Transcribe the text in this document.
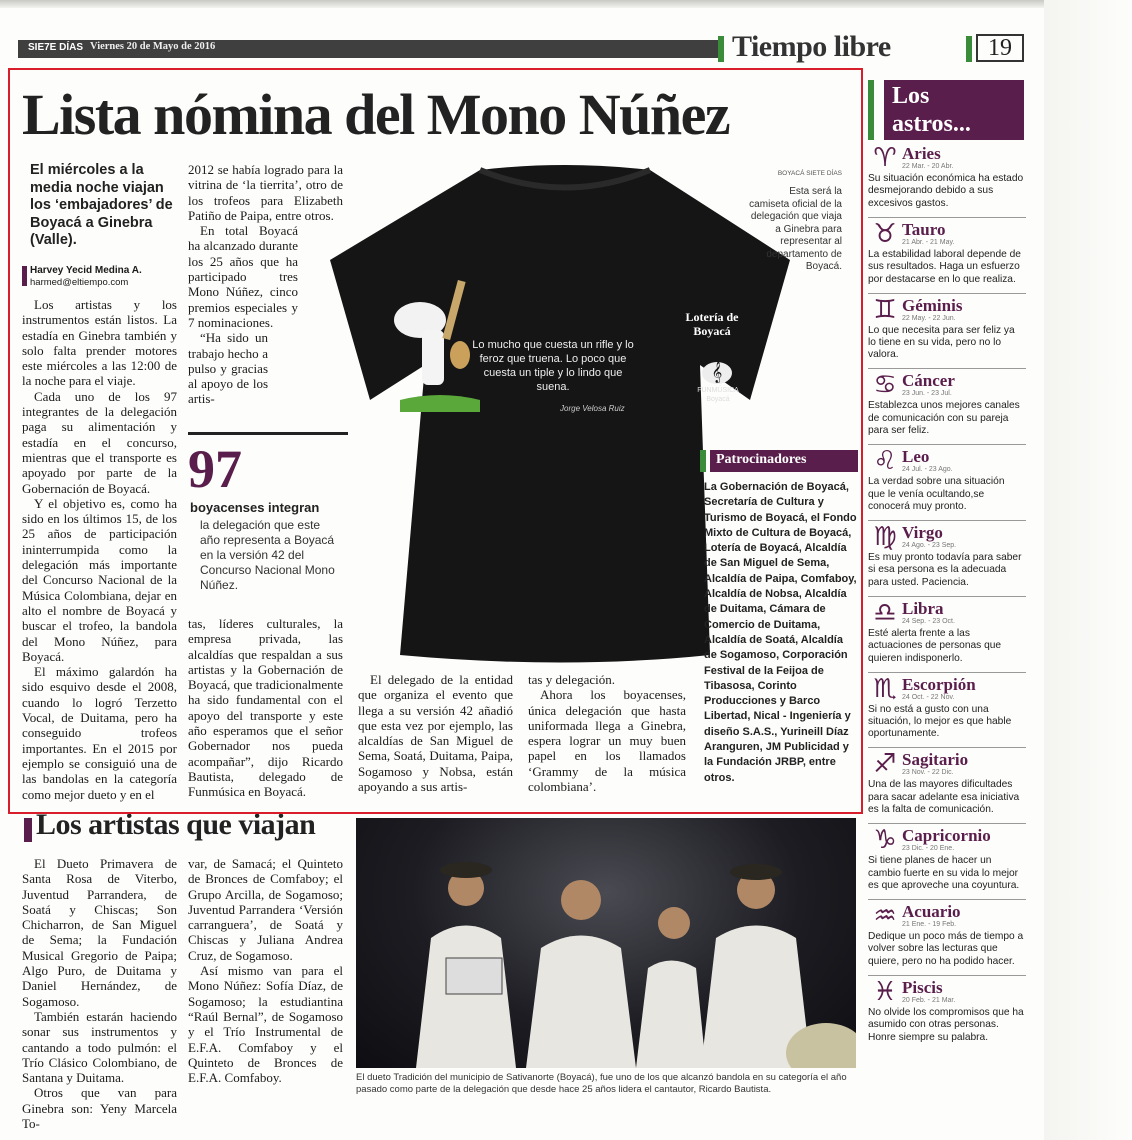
SIE7E DÍAS Viernes 20 de Mayo de 2016	Tiempo libre	19
Lista nómina del Mono Núñez
El miércoles a la media noche viajan los ‘embajadores’ de Boyacá a Ginebra (Valle).
Harvey Yecid Medina A.
harmed@eltiempo.com

Los artistas y los instrumentos están listos. La estadía en Ginebra también y solo falta prender motores este miércoles a las 12:00 de la noche para el viaje.

Cada uno de los 97 integrantes de la delegación paga su alimentación y estadía en el concurso, mientras que el transporte es apoyado por parte de la Gobernación de Boyacá.

Y el objetivo es, como ha sido en los últimos 15, de los 25 años de participación ininterrumpida como la delegación más importante del Concurso Nacional de la Música Colombiana, dejar en alto el nombre de Boyacá y buscar el trofeo, la bandola del Mono Núñez, para Boyacá.

El máximo galardón ha sido esquivo desde el 2008, cuando lo logró Terzetto Vocal, de Duitama, pero ha conseguido trofeos importantes. En el 2015 por ejemplo se consiguió una de las bandolas en la categoría como mejor dueto y en el

2012 se había logrado para la vitrina de ‘la tierrita’, otro de los trofeos para Elizabeth Patiño de Paipa, entre otros.

En total Boyacá ha alcanzado durante los 25 años que ha participado tres Mono Núñez, cinco premios especiales y 7 nominaciones.

“Ha sido un trabajo hecho a pulso y gracias al apoyo de los artis-

97
boyacenses integran
la delegación que este año representa a Boyacá en la versión 42 del Concurso Nacional Mono Núñez.
Lo mucho que cuesta un rifle y lo feroz que truena. Lo poco que cuesta un tiple y lo lindo que suena.
Jorge Velosa Ruiz
Lotería de Boyacá
𝄞
FUNMÚSICA Boyacá
BOYACÁ SIETE DÍAS
Esta será la camiseta oficial de la delegación que viaja a Ginebra para representar al departamento de Boyacá.

tas, líderes culturales, la empresa privada, las alcaldías que respaldan a sus artistas y la Gobernación de Boyacá, que tradicionalmente ha sido fundamental con el apoyo del transporte y este año esperamos que el señor Gobernador nos pueda acompañar”, dijo Ricardo Bautista, delegado de Funmúsica en Boyacá.

El delegado de la entidad que organiza el evento que llega a su versión 42 añadió que esta vez por ejemplo, las alcaldías de San Miguel de Sema, Soatá, Duitama, Paipa, Sogamoso y Nobsa, están apoyando a sus artis-

tas y delegación.

Ahora los boyacenses, única delegación que hasta uniformada llega a Ginebra, espera lograr un muy buen papel en los llamados ‘Grammy de la música colombiana’.

Patrocinadores
La Gobernación de Boyacá, Secretaría de Cultura y Turismo de Boyacá, el Fondo Mixto de Cultura de Boyacá, Lotería de Boyacá, Alcaldía de San Miguel de Sema, Alcaldía de Paipa, Comfaboy, Alcaldía de Nobsa, Alcaldía de Duitama, Cámara de Comercio de Duitama, Alcaldía de Soatá, Alcaldía de Sogamoso, Corporación Festival de la Feijoa de Tibasosa, Corinto Producciones y Barco Libertad, Nical - Ingeniería y diseño S.A.S., Yurineill Díaz Aranguren, JM Publicidad y la Fundación JRBP, entre otros.
Los artistas que viajan

El Dueto Primavera de Santa Rosa de Viterbo, Juventud Parrandera, de Soatá y Chiscas; Son Chicharron, de San Miguel de Sema; la Fundación Musical Gregorio de Paipa; Algo Puro, de Duitama y Daniel Hernández, de Sogamoso.

También estarán haciendo sonar sus instrumentos y cantando a todo pulmón: el Trío Clásico Colombiano, de Santana y Duitama.

Otros que van para Ginebra son: Yeny Marcela To-

var, de Samacá; el Quinteto de Bronces de Comfaboy; el Grupo Arcilla, de Sogamoso; Juventud Parrandera ‘Versión carranguera’, de Soatá y Chiscas y Juliana Andrea Cruz, de Sogamoso.

Así mismo van para el Mono Núñez: Sofía Díaz, de Sogamoso; la estudiantina “Raúl Bernal”, de Sogamoso y el Trío Instrumental de E.F.A. Comfaboy y el Quinteto de Bronces de E.F.A. Comfaboy.	El dueto Tradición del municipio de Sativanorte (Boyacá), fue uno de los que alcanzó bandola en su categoría el año pasado como parte de la delegación que desde hace 25 años lidera el cantautor, Ricardo Bautista.
Los
astros...
♈ Aries
22 Mar. - 20 Abr.
Su situación económica ha estado desmejorando debido a sus excesivos gastos.
♉ Tauro
21 Abr. - 21 May.
La estabilidad laboral depende de sus resultados. Haga un esfuerzo por destacarse en lo que realiza.
♊ Géminis
22 May. - 22 Jun.
Lo que necesita para ser feliz ya lo tiene en su vida, pero no lo valora.
♋ Cáncer
23 Jun. - 23 Jul.
Establezca unos mejores canales de comunicación con su pareja para ser feliz.
♌ Leo
24 Jul. - 23 Ago.
La verdad sobre una situación que le venía ocultando,se conocerá muy pronto.
♍ Virgo
24 Ago. - 23 Sep.
Es muy pronto todavía para saber si esa persona es la adecuada para usted. Paciencia.
♎ Libra
24 Sep. - 23 Oct.
Esté alerta frente a las actuaciones de personas que quieren indisponerlo.
♏ Escorpión
24 Oct. - 22 Nov.
Si no está a gusto con una situación, lo mejor es que hable oportunamente.
♐ Sagitario
23 Nov. - 22 Dic.
Una de las mayores dificultades para sacar adelante esa iniciativa es la falta de comunicación.
♑ Capricornio
23 Dic. - 20 Ene.
Si tiene planes de hacer un cambio fuerte en su vida lo mejor es que aproveche una coyuntura.
♒ Acuario
21 Ene. - 19 Feb.
Dedique un poco más de tiempo a volver sobre las lecturas que quiere, pero no ha podido hacer.
♓ Piscis
20 Feb. - 21 Mar.
No olvide los compromisos que ha asumido con otras personas. Honre siempre su palabra.
